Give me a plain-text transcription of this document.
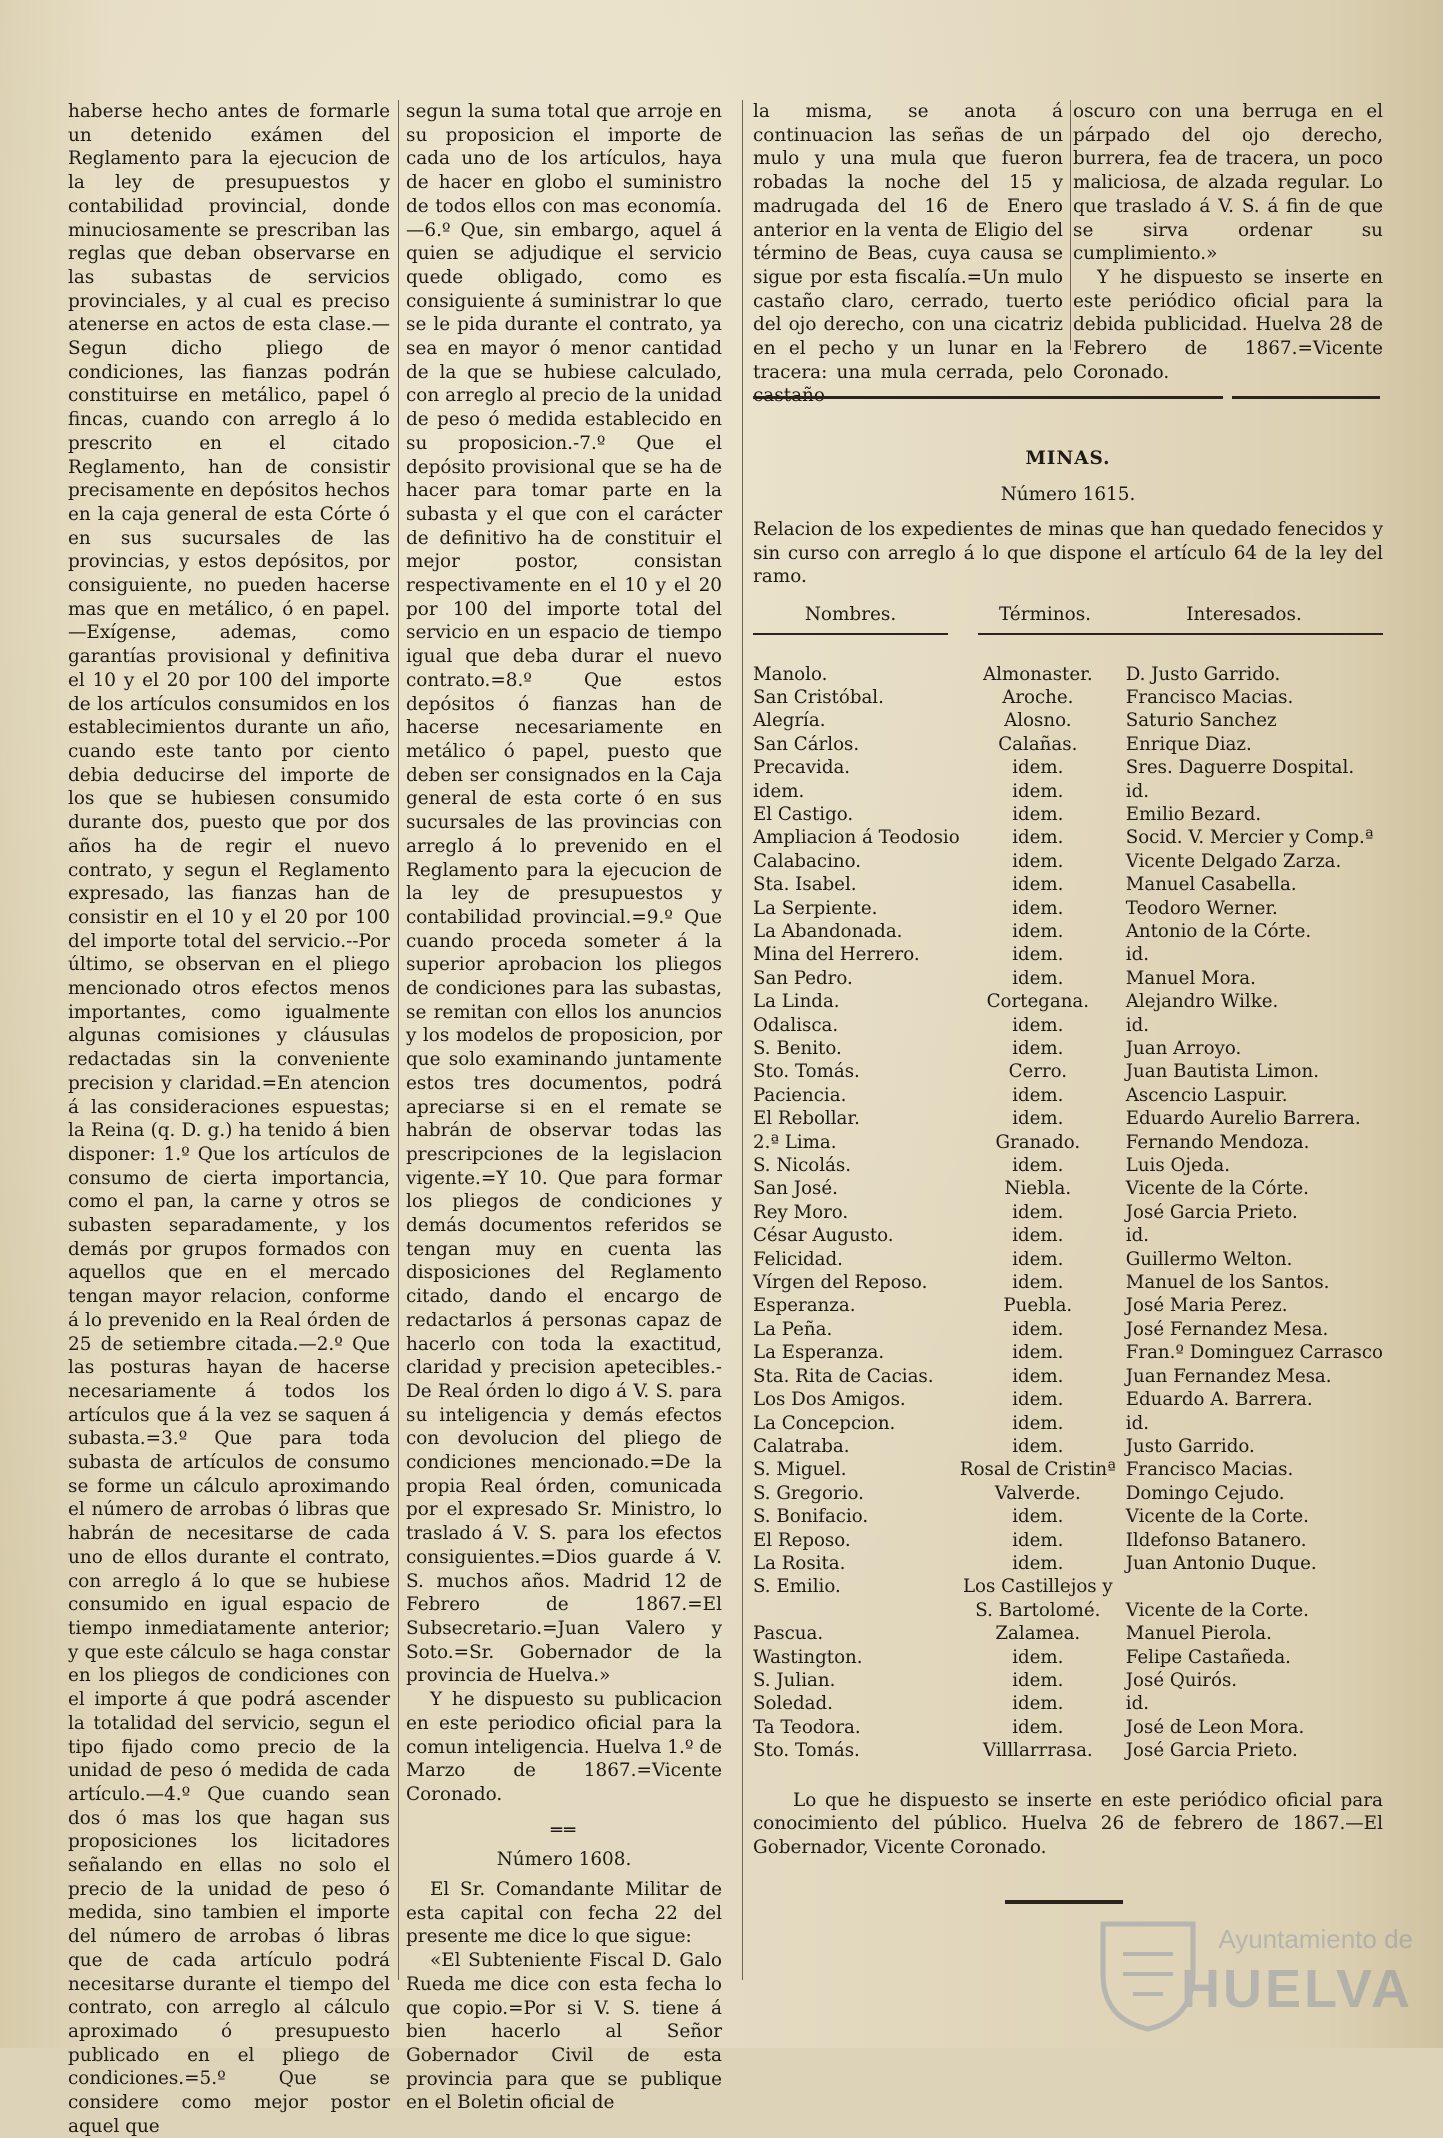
haberse hecho antes de formarle un detenido exámen del Reglamento para la ejecucion de la ley de presupuestos y contabilidad provincial, donde minuciosamente se prescriban las reglas que deban observarse en las subastas de servicios provinciales, y al cual es preciso atenerse en actos de esta clase.—Segun dicho pliego de condiciones, las fianzas podrán constituirse en metálico, papel ó fincas, cuando con arreglo á lo prescrito en el citado Reglamento, han de consistir precisamente en depósitos hechos en la caja general de esta Córte ó en sus sucursales de las provincias, y estos depósitos, por consiguiente, no pueden hacerse mas que en metálico, ó en papel.—Exígense, ademas, como garantías provisional y definitiva el 10 y el 20 por 100 del importe de los artículos consumidos en los establecimientos durante un año, cuando este tanto por ciento debia deducirse del importe de los que se hubiesen consumido durante dos, puesto que por dos años ha de regir el nuevo contrato, y segun el Reglamento expresado, las fianzas han de consistir en el 10 y el 20 por 100 del importe total del servicio.--Por último, se observan en el pliego mencionado otros efectos menos importantes, como igualmente algunas comisiones y cláusulas redactadas sin la conveniente precision y claridad.=En atencion á las consideraciones espuestas; la Reina (q. D. g.) ha tenido á bien disponer: 1.º Que los artículos de consumo de cierta importancia, como el pan, la carne y otros se subasten separadamente, y los demás por grupos formados con aquellos que en el mercado tengan mayor relacion, conforme á lo prevenido en la Real órden de 25 de setiembre citada.—2.º Que las posturas hayan de hacerse necesariamente á todos los artículos que á la vez se saquen á subasta.=3.º Que para toda subasta de artículos de consumo se forme un cálculo aproximando el número de arrobas ó libras que habrán de necesitarse de cada uno de ellos durante el contrato, con arreglo á lo que se hubiese consumido en igual espacio de tiempo inmediatamente anterior; y que este cálculo se haga constar en los pliegos de condiciones con el importe á que podrá ascender la totalidad del servicio, segun el tipo fijado como precio de la unidad de peso ó medida de cada artículo.—4.º Que cuando sean dos ó mas los que hagan sus proposiciones los licitadores señalando en ellas no solo el precio de la unidad de peso ó medida, sino tambien el importe del número de arrobas ó libras que de cada artículo podrá necesitarse durante el tiempo del contrato, con arreglo al cálculo aproximado ó presupuesto publicado en el pliego de condiciones.=5.º Que se considere como mejor postor aquel que

segun la suma total que arroje en su proposicion el importe de cada uno de los artículos, haya de hacer en globo el suministro de todos ellos con mas economía.—6.º Que, sin embargo, aquel á quien se adjudique el servicio quede obligado, como es consiguiente á suministrar lo que se le pida durante el contrato, ya sea en mayor ó menor cantidad de la que se hubiese calculado, con arreglo al precio de la unidad de peso ó medida establecido en su proposicion.-7.º Que el depósito provisional que se ha de hacer para tomar parte en la subasta y el que con el carácter de definitivo ha de constituir el mejor postor, consistan respectivamente en el 10 y el 20 por 100 del importe total del servicio en un espacio de tiempo igual que deba durar el nuevo contrato.=8.º Que estos depósitos ó fianzas han de hacerse necesariamente en metálico ó papel, puesto que deben ser consignados en la Caja general de esta corte ó en sus sucursales de las provincias con arreglo á lo prevenido en el Reglamento para la ejecucion de la ley de presupuestos y contabilidad provincial.=9.º Que cuando proceda someter á la superior aprobacion los pliegos de condiciones para las subastas, se remitan con ellos los anuncios y los modelos de proposicion, por que solo examinando juntamente estos tres documentos, podrá apreciarse si en el remate se habrán de observar todas las prescripciones de la legislacion vigente.=Y 10. Que para formar los pliegos de condiciones y demás documentos referidos se tengan muy en cuenta las disposiciones del Reglamento citado, dando el encargo de redactarlos á personas capaz de hacerlo con toda la exactitud, claridad y precision apetecibles.-De Real órden lo digo á V. S. para su inteligencia y demás efectos con devolucion del pliego de condiciones mencionado.=De la propia Real órden, comunicada por el expresado Sr. Ministro, lo traslado á V. S. para los efectos consiguientes.=Dios guarde á V. S. muchos años. Madrid 12 de Febrero de 1867.=El Subsecretario.=Juan Valero y Soto.=Sr. Gobernador de la provincia de Huelva.»

Y he dispuesto su publicacion en este periodico oficial para la comun inteligencia. Huelva 1.º de Marzo de 1867.=Vicente Coronado.

══
Número 1608.

El Sr. Comandante Militar de esta capital con fecha 22 del presente me dice lo que sigue:

«El Subteniente Fiscal D. Galo Rueda me dice con esta fecha lo que copio.=Por si V. S. tiene á bien hacerlo al Señor Gobernador Civil de esta provincia para que se publique en el Boletin oficial de

la misma, se anota á continuacion las señas de un mulo y una mula que fueron robadas la noche del 15 y madrugada del 16 de Enero anterior en la venta de Eligio del término de Beas, cuya causa se sigue por esta fiscalía.=Un mulo castaño claro, cerrado, tuerto del ojo derecho, con una cicatriz en el pecho y un lunar en la tracera: una mula cerrada, pelo

oscuro con una berruga en el párpado del ojo derecho, burrera, fea de tracera, un poco maliciosa, de alzada regular. Lo que traslado á V. S. á fin de que se sirva ordenar su cumplimiento.»

Y he dispuesto se inserte en este periódico oficial para la debida publicidad. Huelva 28 de Febrero de 1867.=Vicente Coronado.

MINAS.
Número 1615.
Relacion de los expedientes de minas que han quedado fenecidos y sin curso con arreglo á lo que dispone el artículo 64 de la ley del ramo.
Nombres.	Términos.	Interesados.
Manolo.	Almonaster.	D. Justo Garrido.
San Cristóbal.	Aroche.	Francisco Macias.
Alegría.	Alosno.	Saturio Sanchez
San Cárlos.	Calañas.	Enrique Diaz.
Precavida.	idem.	Sres. Daguerre Dospital.
idem.	idem.	id.
El Castigo.	idem.	Emilio Bezard.
Ampliacion á Teodosio	idem.	Socid. V. Mercier y Comp.ª
Calabacino.	idem.	Vicente Delgado Zarza.
Sta. Isabel.	idem.	Manuel Casabella.
La Serpiente.	idem.	Teodoro Werner.
La Abandonada.	idem.	Antonio de la Córte.
Mina del Herrero.	idem.	id.
San Pedro.	idem.	Manuel Mora.
La Linda.	Cortegana.	Alejandro Wilke.
Odalisca.	idem.	id.
S. Benito.	idem.	Juan Arroyo.
Sto. Tomás.	Cerro.	Juan Bautista Limon.
Paciencia.	idem.	Ascencio Laspuir.
El Rebollar.	idem.	Eduardo Aurelio Barrera.
2.ª Lima.	Granado.	Fernando Mendoza.
S. Nicolás.	idem.	Luis Ojeda.
San José.	Niebla.	Vicente de la Córte.
Rey Moro.	idem.	José Garcia Prieto.
César Augusto.	idem.	id.
Felicidad.	idem.	Guillermo Welton.
Vírgen del Reposo.	idem.	Manuel de los Santos.
Esperanza.	Puebla.	José Maria Perez.
La Peña.	idem.	José Fernandez Mesa.
La Esperanza.	idem.	Fran.º Dominguez Carrasco
Sta. Rita de Cacias.	idem.	Juan Fernandez Mesa.
Los Dos Amigos.	idem.	Eduardo A. Barrera.
La Concepcion.	idem.	id.
Calatraba.	idem.	Justo Garrido.
S. Miguel.	Rosal de Cristinª	Francisco Macias.
S. Gregorio.	Valverde.	Domingo Cejudo.
S. Bonifacio.	idem.	Vicente de la Corte.
El Reposo.	idem.	Ildefonso Batanero.
La Rosita.	idem.	Juan Antonio Duque.
S. Emilio.	Los Castillejos y	
	S. Bartolomé.	Vicente de la Corte.
Pascua.	Zalamea.	Manuel Pierola.
Wastington.	idem.	Felipe Castañeda.
S. Julian.	idem.	José Quirós.
Soledad.	idem.	id.
Ta Teodora.	idem.	José de Leon Mora.
Sto. Tomás.	Villlarrrasa.	José Garcia Prieto.
Lo que he dispuesto se inserte en este periódico oficial para conocimiento del público. Huelva 26 de febrero de 1867.—El Gobernador, Vicente Coronado.
Ayuntamiento de
HUELVA
